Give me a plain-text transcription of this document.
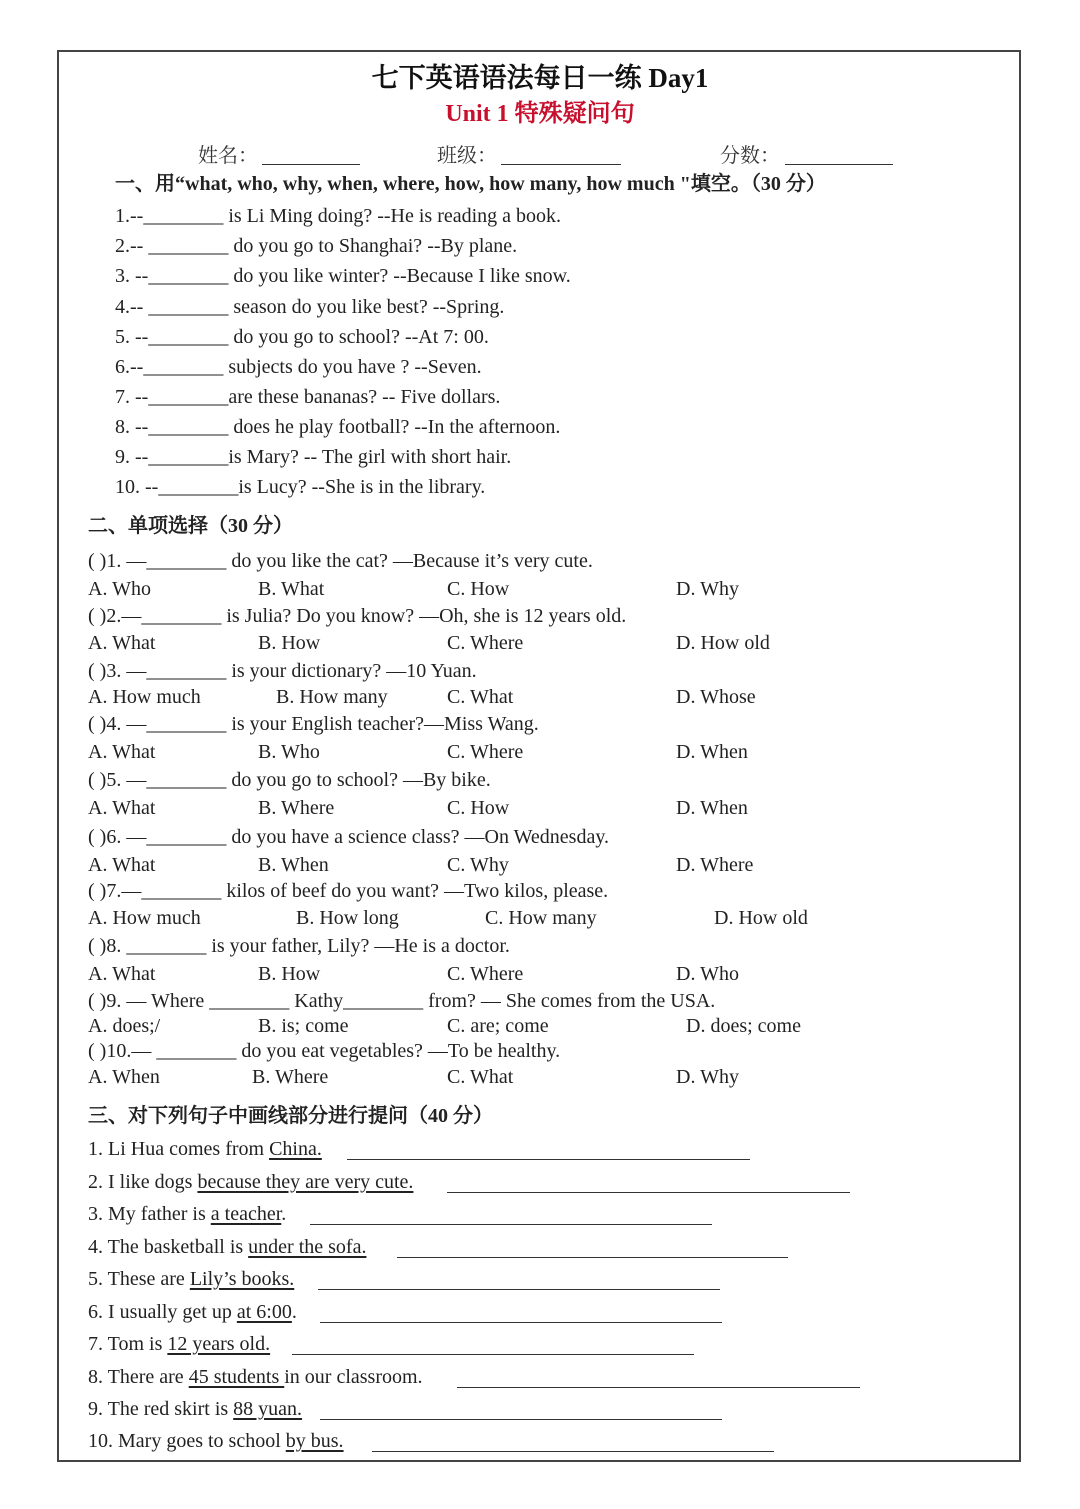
七下英语语法每日一练 Day1
Unit 1 特殊疑问句
姓名：	班级：	分数：
一、用“what, who, why, when, where, how, how many, how much "填空。（30 分）
1.--________ is Li Ming doing? --He is reading a book.
2.-- ________ do you go to Shanghai? --By plane.
3. --________ do you like winter? --Because I like snow.
4.-- ________ season do you like best? --Spring.
5. --________ do you go to school? --At 7: 00.
6.--________ subjects do you have ? --Seven.
7. --________are these bananas? -- Five dollars.
8. --________ does he play football? --In the afternoon.
9. --________is Mary? -- The girl with short hair.
10. --________is Lucy? --She is in the library.
二、单项选择（30 分）
( )1. —________ do you like the cat? —Because it’s very cute.
A. Who	B. What	C. How	D. Why
( )2.—________ is Julia? Do you know? —Oh, she is 12 years old.
A. What	B. How	C. Where	D. How old
( )3. —________ is your dictionary? —10 Yuan.
A. How much	B. How many	C. What	D. Whose
( )4. —________ is your English teacher?—Miss Wang.
A. What	B. Who	C. Where	D. When
( )5. —________ do you go to school? —By bike.
A. What	B. Where	C. How	D. When
( )6. —________ do you have a science class? —On Wednesday.
A. What	B. When	C. Why	D. Where
( )7.—________ kilos of beef do you want? —Two kilos, please.
A. How much	B. How long	C. How many	D. How old
( )8. ________ is your father, Lily? —He is a doctor.
A. What	B. How	C. Where	D. Who
( )9. — Where ________ Kathy________ from? — She comes from the USA.
A. does;/	B. is; come	C. are; come	D. does; come
( )10.— ________ do you eat vegetables? —To be healthy.
A. When	B. Where	C. What	D. Why
三、对下列句子中画线部分进行提问（40 分）
1. Li Hua comes from China.
2. I like dogs because they are very cute.
3. My father is a teacher.
4. The basketball is under the sofa.
5. These are Lily’s books.
6. I usually get up at 6:00.
7. Tom is 12 years old.
8. There are 45 students in our classroom.
9. The red skirt is 88 yuan.
10. Mary goes to school by bus.
